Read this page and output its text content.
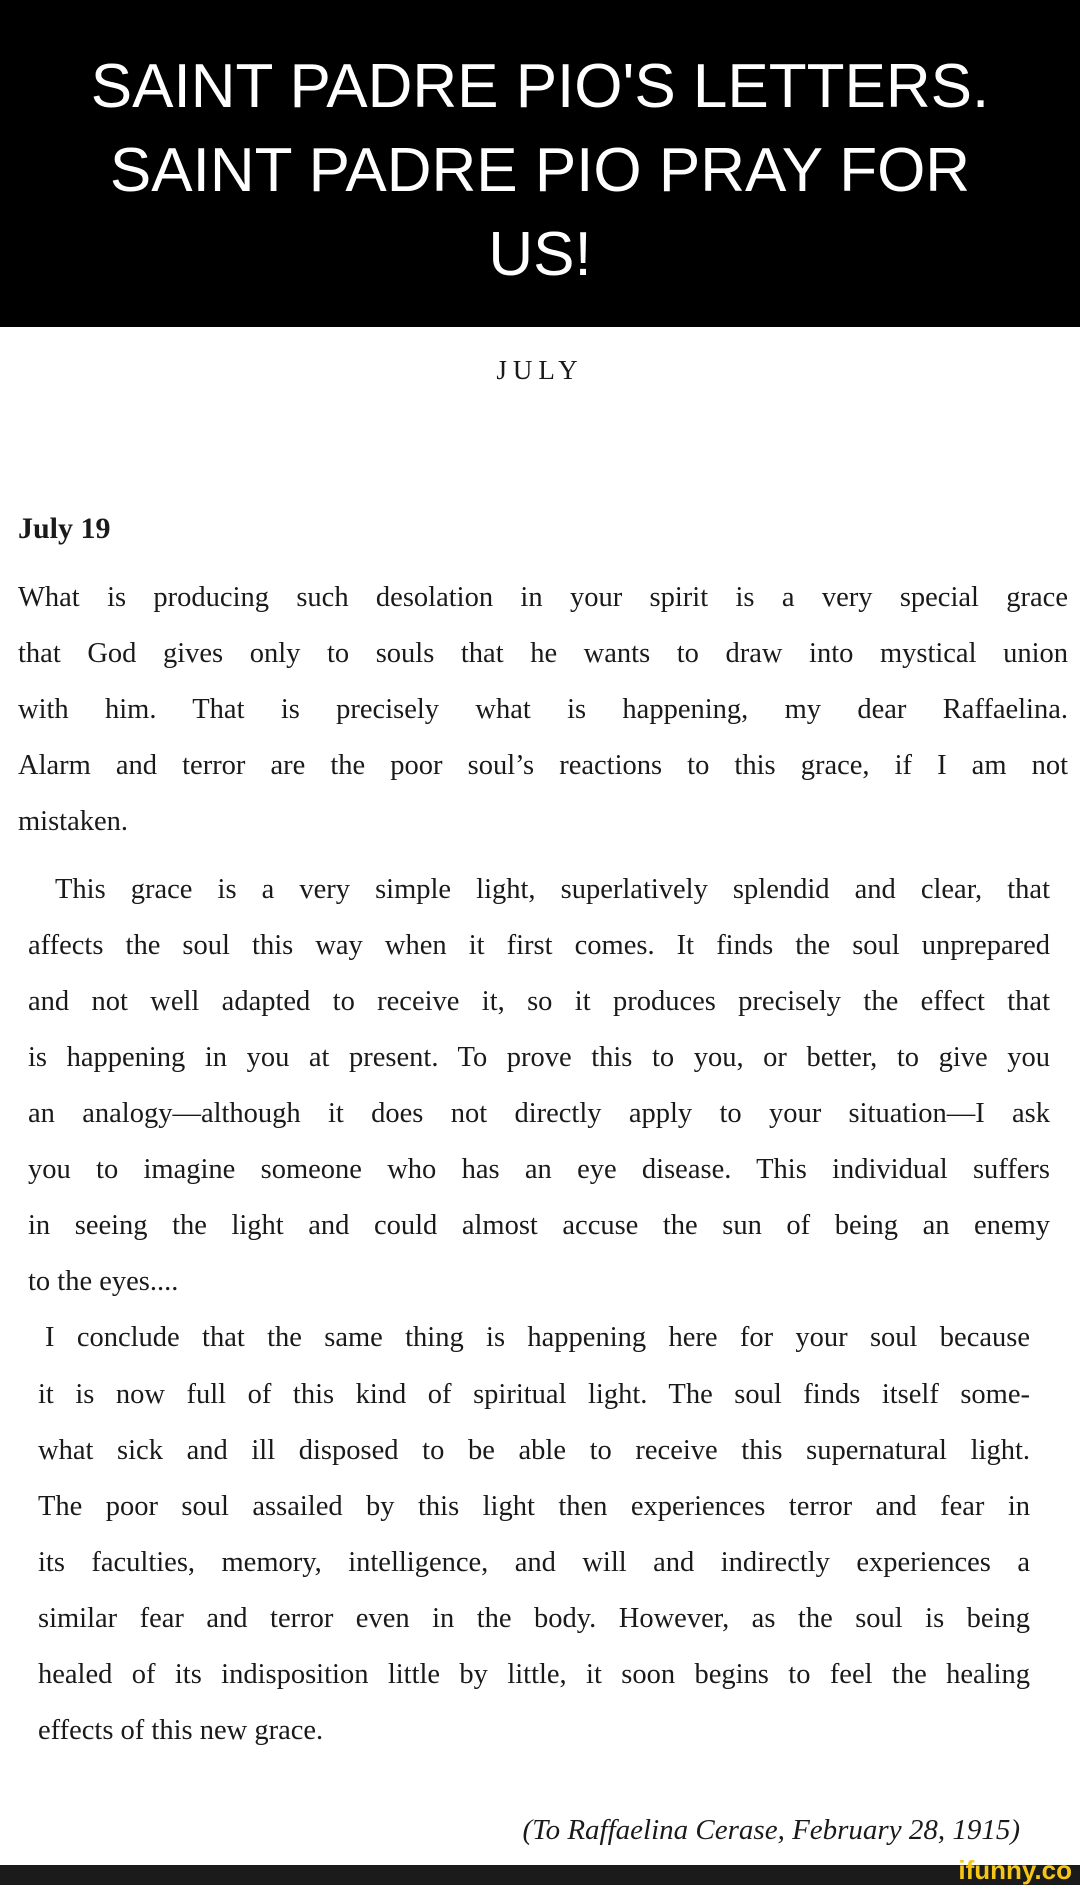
SAINT PADRE PIO'S LETTERS.
SAINT PADRE PIO PRAY FOR
US!
JULY
July 19
What is producing such desolation in your spirit is a very special grace
that God gives only to souls that he wants to draw into mystical union
with him. That is precisely what is happening, my dear Raffaelina.
Alarm and terror are the poor soul’s reactions to this grace, if I am not
mistaken.
This grace is a very simple light, superlatively splendid and clear, that
affects the soul this way when it first comes. It finds the soul unprepared
and not well adapted to receive it, so it produces precisely the effect that
is happening in you at present. To prove this to you, or better, to give you
an analogy—although it does not directly apply to your situation—I ask
you to imagine someone who has an eye disease. This individual suffers
in seeing the light and could almost accuse the sun of being an enemy
to the eyes....
I conclude that the same thing is happening here for your soul because
it is now full of this kind of spiritual light. The soul finds itself some-
what sick and ill disposed to be able to receive this supernatural light.
The poor soul assailed by this light then experiences terror and fear in
its faculties, memory, intelligence, and will and indirectly experiences a
similar fear and terror even in the body. However, as the soul is being
healed of its indisposition little by little, it soon begins to feel the healing
effects of this new grace.
(To Raffaelina Cerase, February 28, 1915)
ifunny.co
